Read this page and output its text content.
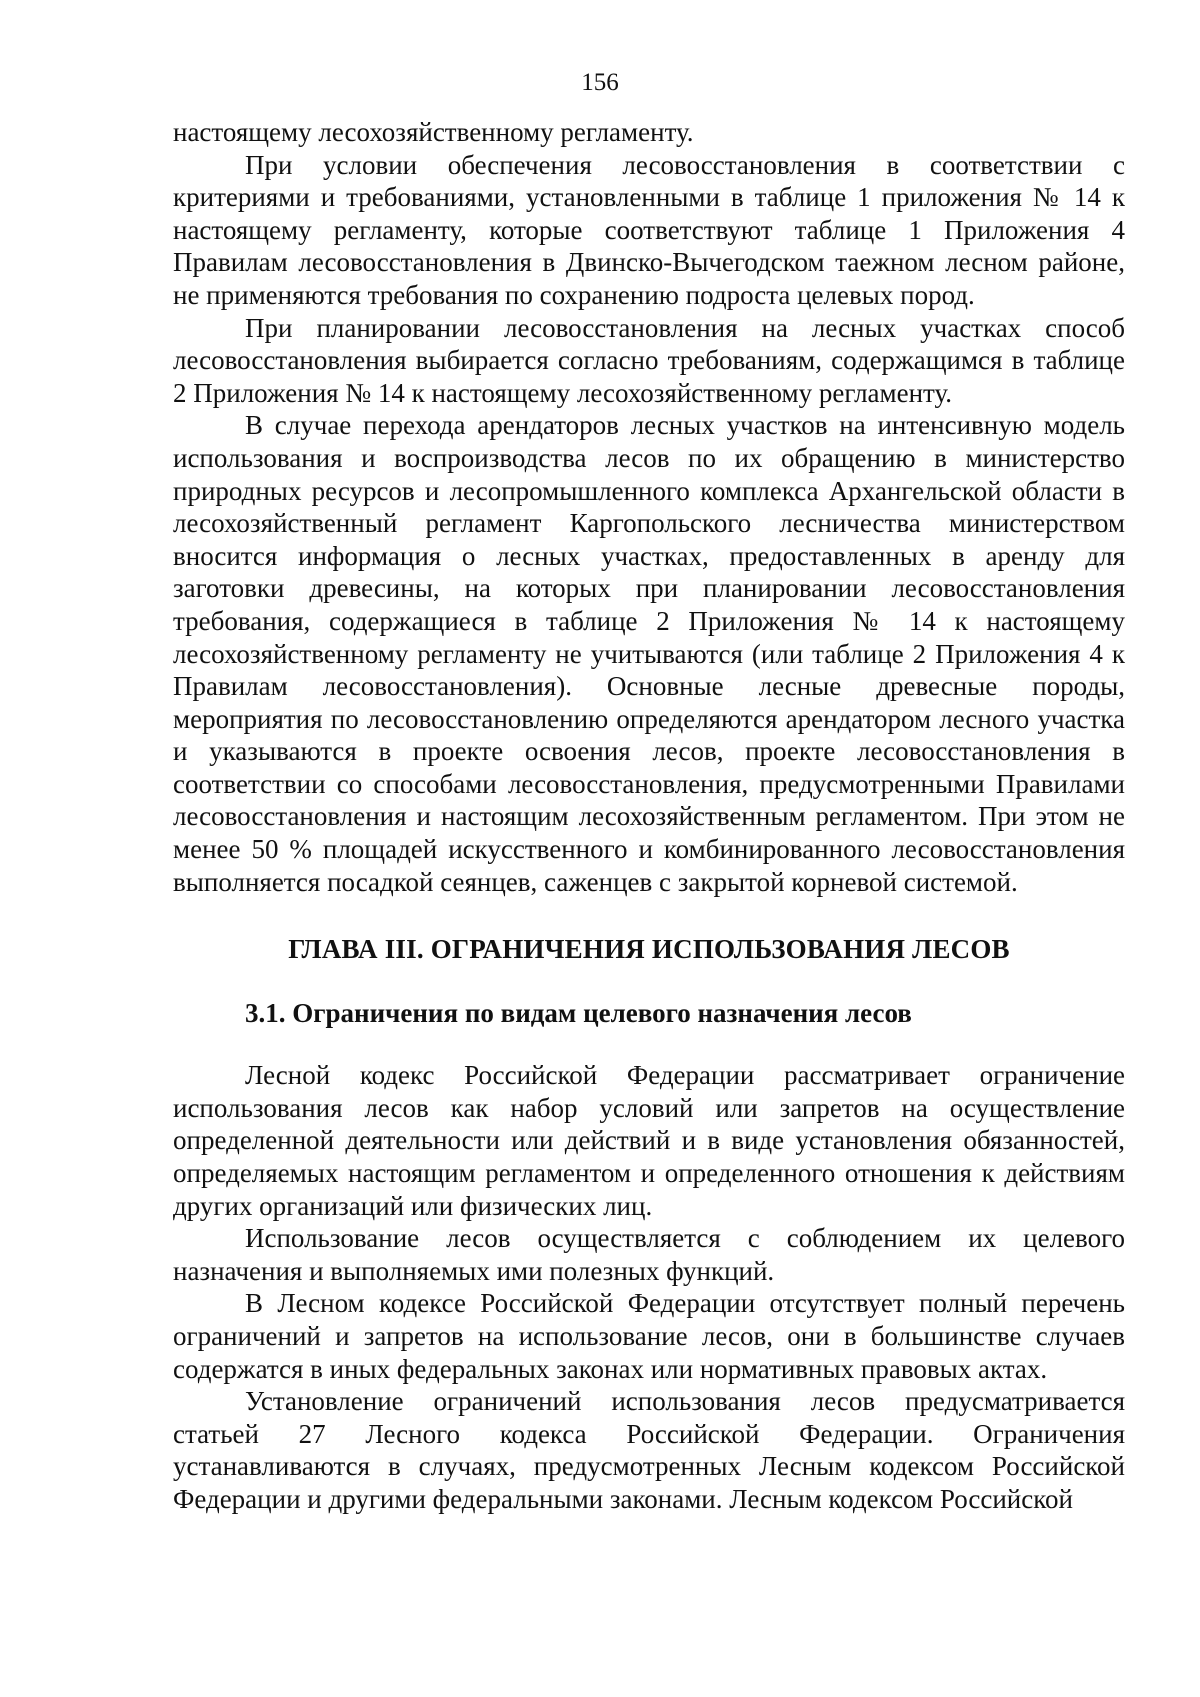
156

настоящему лесохозяйственному регламенту.

При условии обеспечения лесовосстановления в соответствии с критериями и требованиями, установленными в таблице 1 приложения № 14 к настоящему регламенту, которые соответствуют таблице 1 Приложения 4 Правилам лесовосстановления в Двинско-Вычегодском таежном лесном районе, не применяются требования по сохранению подроста целевых пород.

При планировании лесовосстановления на лесных участках способ лесовосстановления выбирается согласно требованиям, содержащимся в таблице 2 Приложения № 14 к настоящему лесохозяйственному регламенту.

В случае перехода арендаторов лесных участков на интенсивную модель использования и воспроизводства лесов по их обращению в министерство природных ресурсов и лесопромышленного комплекса Архангельской области в лесохозяйственный регламент Каргопольского лесничества министерством вносится информация о лесных участках, предоставленных в аренду для заготовки древесины, на которых при планировании лесовосстановления требования, содержащиеся в таблице 2 Приложения № 14 к настоящему лесохозяйственному регламенту не учитываются (или таблице 2 Приложения 4 к Правилам лесовосстановления). Основные лесные древесные породы, мероприятия по лесовосстановлению определяются арендатором лесного участка и указываются в проекте освоения лесов, проекте лесовосстановления в соответствии со способами лесовосстановления, предусмотренными Правилами лесовосстановления и настоящим лесохозяйственным регламентом. При этом не менее 50 % площадей искусственного и комбинированного лесовосстановления выполняется посадкой сеянцев, саженцев с закрытой корневой системой.

ГЛАВА III. ОГРАНИЧЕНИЯ ИСПОЛЬЗОВАНИЯ ЛЕСОВ
3.1. Ограничения по видам целевого назначения лесов

Лесной кодекс Российской Федерации рассматривает ограничение использования лесов как набор условий или запретов на осуществление определенной деятельности или действий и в виде установления обязанностей, определяемых настоящим регламентом и определенного отношения к действиям других организаций или физических лиц.

Использование лесов осуществляется с соблюдением их целевого назначения и выполняемых ими полезных функций.

В Лесном кодексе Российской Федерации отсутствует полный перечень ограничений и запретов на использование лесов, они в большинстве случаев содержатся в иных федеральных законах или нормативных правовых актах.

Установление ограничений использования лесов предусматривается статьей 27 Лесного кодекса Российской Федерации. Ограничения устанавливаются в случаях, предусмотренных Лесным кодексом Российской Федерации и другими федеральными законами. Лесным кодексом Российской
